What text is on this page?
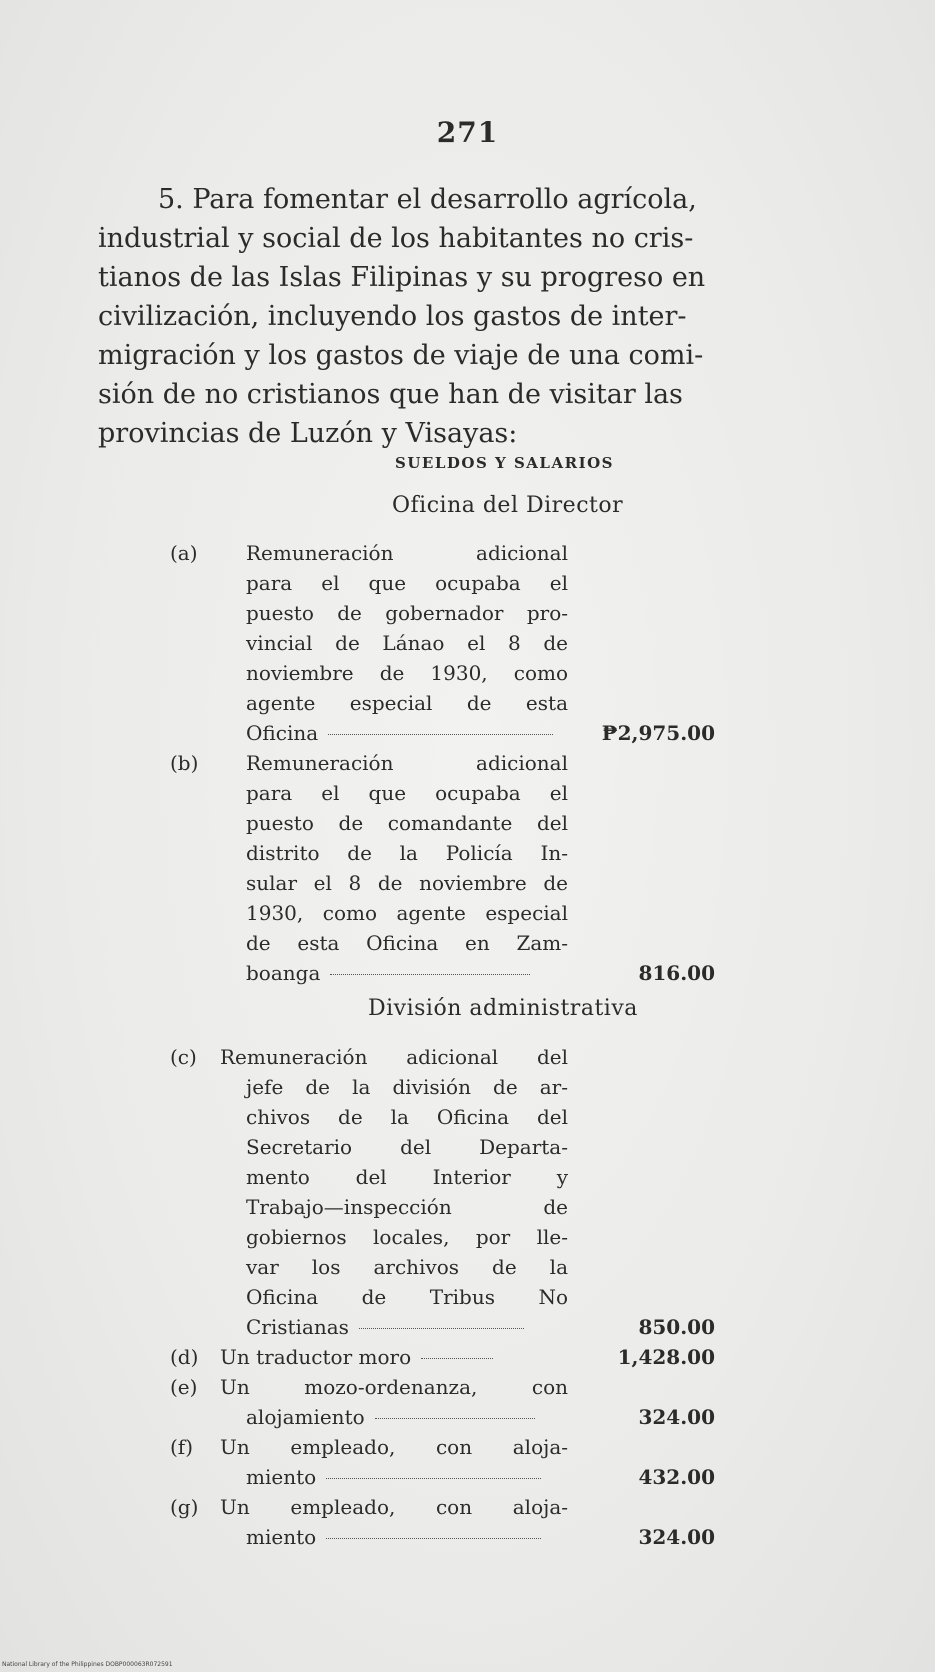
271
5. Para fomentar el desarrollo agrícola,
industrial y social de los habitantes no cris-
tianos de las Islas Filipinas y su progreso en
civilización, incluyendo los gastos de inter-
migración y los gastos de viaje de una comi-
sión de no cristianos que han de visitar las
provincias de Luzón y Visayas:
SUELDOS Y SALARIOS
Oficina del Director
(a) Remuneración adicional
para el que ocupaba el
puesto de gobernador pro-
vincial de Lánao el 8 de
noviembre de 1930, como
agente especial de esta
Oficina	₱2,975.00
(b) Remuneración adicional
para el que ocupaba el
puesto de comandante del
distrito de la Policía In-
sular el 8 de noviembre de
1930, como agente especial
de esta Oficina en Zam-
boanga	816.00
División administrativa
(c) Remuneración adicional del
jefe de la división de ar-
chivos de la Oficina del
Secretario del Departa-
mento del Interior y
Trabajo—inspección de
gobiernos locales, por lle-
var los archivos de la
Oficina de Tribus No
Cristianas	850.00
(d) Un traductor moro	1,428.00
(e) Un mozo-ordenanza, con
alojamiento	324.00
(f) Un empleado, con aloja-
miento	432.00
(g) Un empleado, con aloja-
miento	324.00
National Library of the Philippines DOBP000063R072591
